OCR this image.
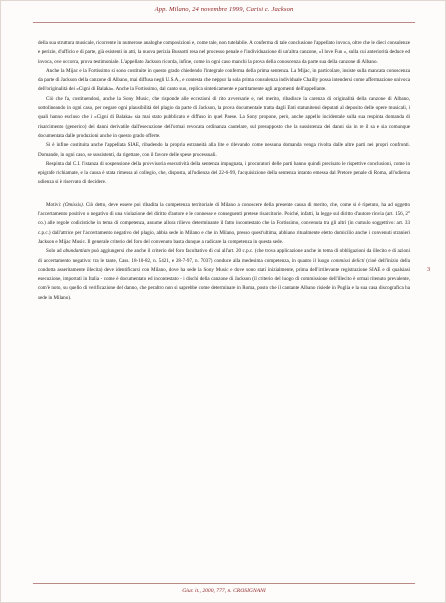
App. Milano, 24 novembre 1999, Carisi c. Jackson
3

della sua struttura musicale, ricorrente in numerose analoghe composizioni e, come tale, non tutelabile. A conferma di tale conclusione l'appellato invoca, oltre che le dieci consulenze e perizie, d'ufficio e di parte, già esistenti in atti, la nuova perizia Bussotti resa nel processo penale e l'individuazione di un'altra canzone, «I love Fun », sulla cui anteriorità deduce ed invoca, ove occorra, prova testimoniale. L'appellato Jackson ricorda, infine, come in ogni caso manchi la prova della conoscenza da parte sua della canzone di Albano.

Anche la Mijac e la Fortissimo si sono costituite in questo grado chiedendo l'integrale conferma della prima sentenza. La Mijac, in particolare, insiste sulla mancata conoscenza da parte di Jackson della canzone di Albano, mai diffusa negli U.S.A., e contesta che neppur la sola prima consulenza individuale Chailly possa intendersi come affermazione univoca dell'originalità dei «Cigni di Balaka». Anche la Fortissimo, dal canto suo, replica sinteticamente e partitamente agli argomenti dell'appellante.

Ciò che fa, costituendosi, anche la Sony Music, che risponde alle eccezioni di rito avversarie e, nel merito, ribadisce la carenza di originalità della canzone di Albano, sottolineando in ogni caso, per negare ogni plausibilità del plagio da parte di Jackson, la prova documentale tratta dagli Enti statunitensi deputati al deposito delle opere musicali, i quali hanno escluso che i «Cigni di Balaka» sia mai stato pubblicato e diffuso in quel Paese. La Sony propone, però, anche appello incidentale sulla sua respinta domanda di risarcimento (generico) dei danni derivatile dall'esecuzione dell'ormai revocata ordinanza cautelare, sul presupposto che la sussistenza dei danni sia in re il sa e sia comunque documentata dalle produzioni anche in questo grado offerte.

Si è infine costituita anche l'appellata SIAE, ribadendo la propria estraneità alla lite e rilevando come nessuna domanda venga rivolta dalle altre parti nei propri confronti. Domande, in ogni caso, se sussistenti, da rigettare, con il favore delle spese processuali.

Respinta dal C.I. l'istanza di sospensione della provvisoria esecutività della sentenza impugnata, i procuratori delle parti hanno quindi precisato le rispettive conclusioni, come in epigrafe richiamate, e la causa è stata rimessa al collegio, che, disposta, all'udienza del 22-6-99, l'acquisizione della sentenza intanto emessa dal Pretore penale di Roma, all'odierna udienza si è riservato di decidere.

Motivi: (Omissis). Ciò detto, deve essere poi ribadita la competenza territoriale di Milano a conoscere della presente causa di merito, che, come si è ripetuto, ha ad oggetto l'accertamento positivo o negativo di una violazione del diritto d'autore e le connesse e conseguenti pretese risarcitorie. Poiché, infatti, la legge sul diritto d'autore rinvia (art. 156, 2° co.) alle regole codicistiche in tema di competenza, assume allora rilievo determinante il fatto incontestato che la Fortissimo, convenuta tra gli altri (in cumulo soggettivo: art. 33 c.p.c.) dall'attrice per l'accertamento negativo del plagio, abbia sede in Milano e che in Milano, presso quest'ultima, abbiano ritualmente eletto domicilio anche i convenuti stranieri Jackson e Mijac Music. Il generale criterio del foro del convenuto basta dunque a radicare la competenza in questa sede.

Solo ad abundantiam può aggiungersi che anche il criterio del foro facoltativo di cui all'art. 20 c.p.c. (che trova applicazione anche in tema di obbligazioni da illecito e di azioni di accertamento negativo: tra le tante, Cass. 18-10-82, n. 5421, e 28-7-97, n. 7037) conduce alla medesima competenza, in quanto il luogo commissi delicti (cioè dell'inizio della condotta asseritamente illecita) deve identificarsi con Milano, dove ha sede la Sony Music e dove sono stati inizialmente, prima dell'irrilevante registrazione SIAE e di qualsiasi esecuzione, importati in Italia - come è documentato ed incontestato - i dischi della canzone di Jackson (il criterio del luogo di commissione dell'illecito è ormai ritenuto prevalente, com'è noto, su quello di verificazione del danno, che peraltro non si saprebbe come determinare in Roma, posto che il cantante Albano risiede in Puglia e la sua casa discografica ha sede in Milano).

Giur. it., 2000, 777, n. CROSIGNANI
